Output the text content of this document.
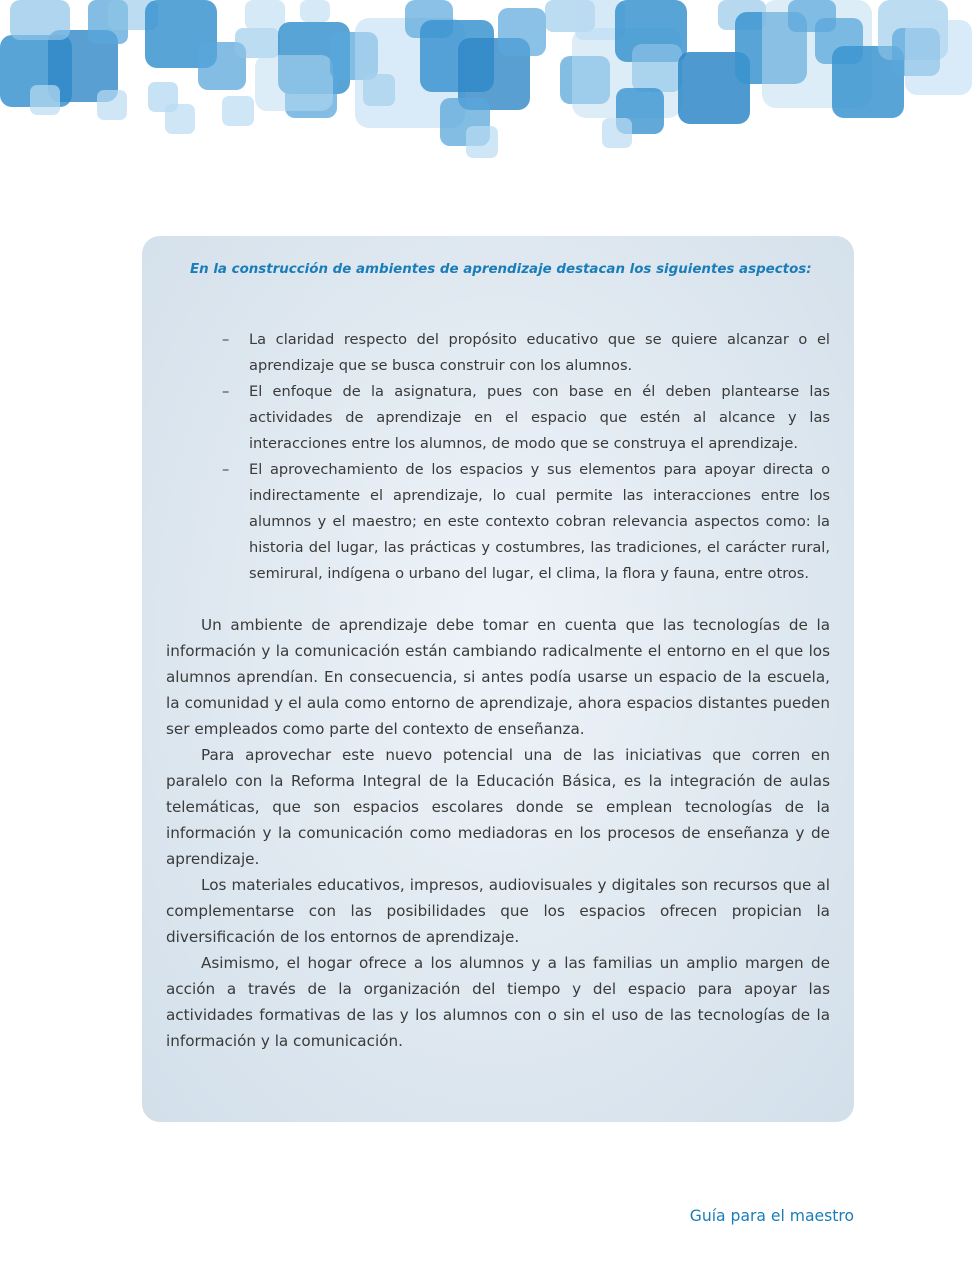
En la construcción de ambientes de aprendizaje destacan los siguientes aspectos:
– La claridad respecto del propósito educativo que se quiere alcanzar o el aprendizaje que se busca construir con los alumnos.
– El enfoque de la asignatura, pues con base en él deben plantearse las actividades de aprendizaje en el espacio que estén al alcance y las interacciones entre los alumnos, de modo que se construya el aprendizaje.
– El aprovechamiento de los espacios y sus elementos para apoyar directa o indirectamente el aprendizaje, lo cual permite las interacciones entre los alumnos y el maestro; en este contexto cobran relevancia aspectos como: la historia del lugar, las prácticas y costumbres, las tradiciones, el carácter rural, semirural, indígena o urbano del lugar, el clima, la flora y fauna, entre otros.

Un ambiente de aprendizaje debe tomar en cuenta que las tecnologías de la información y la comunicación están cambiando radicalmente el entorno en el que los alumnos aprendían. En consecuencia, si antes podía usarse un espacio de la escuela, la comunidad y el aula como entorno de aprendizaje, ahora espacios distantes pueden ser empleados como parte del contexto de enseñanza.

Para aprovechar este nuevo potencial una de las iniciativas que corren en paralelo con la Reforma Integral de la Educación Básica, es la integración de aulas telemáticas, que son espacios escolares donde se emplean tecnologías de la información y la comunicación como mediadoras en los procesos de enseñanza y de aprendizaje.

Los materiales educativos, impresos, audiovisuales y digitales son recursos que al complementarse con las posibilidades que los espacios ofrecen propician la diversificación de los entornos de aprendizaje.

Asimismo, el hogar ofrece a los alumnos y a las familias un amplio margen de acción a través de la organización del tiempo y del espacio para apoyar las actividades formativas de las y los alumnos con o sin el uso de las tecnologías de la información y la comunicación.

Guía para el maestro
